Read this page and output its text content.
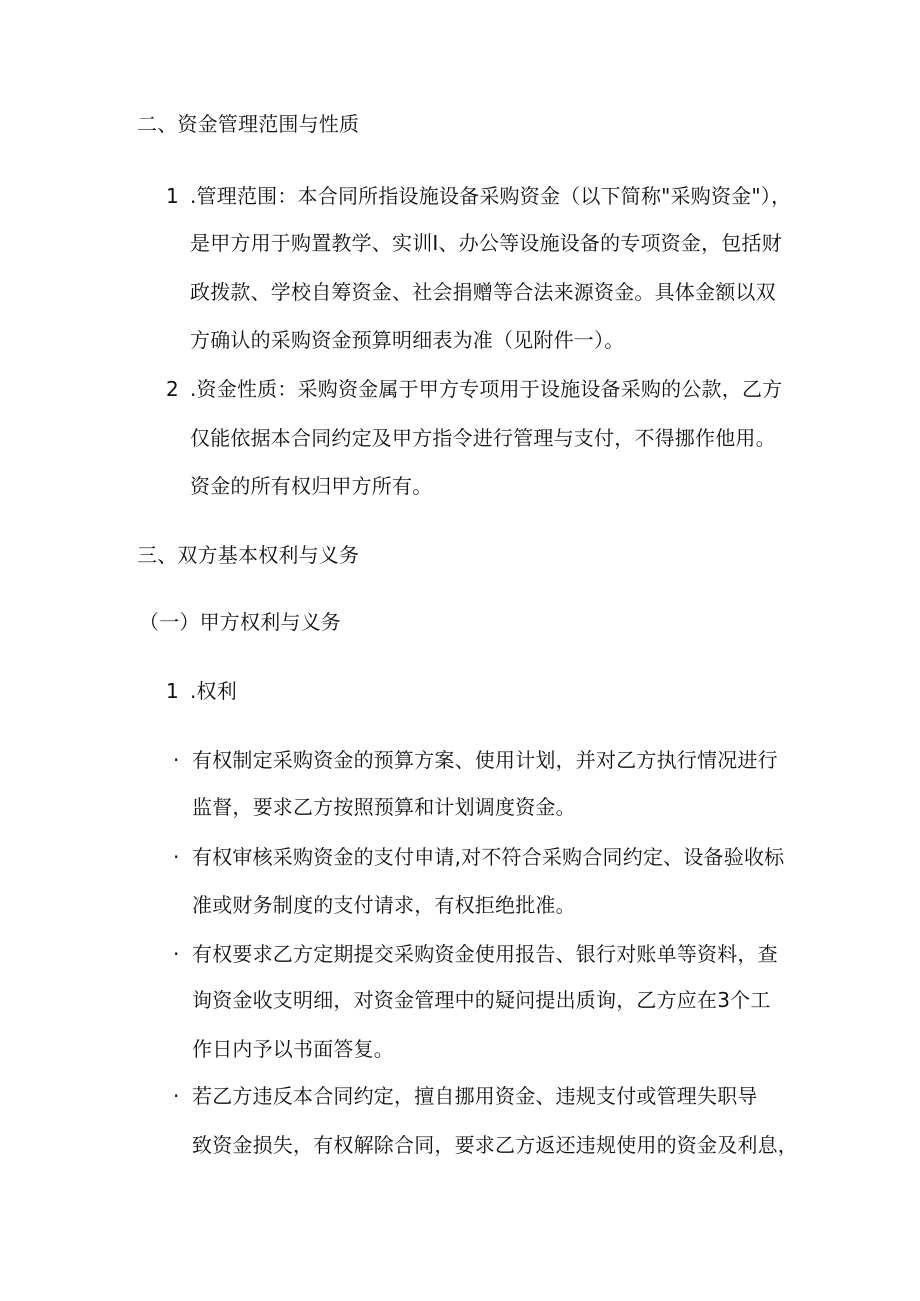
二、资金管理范围与性质
1 .管理范围：本合同所指设施设备采购资金（以下简称"采购资金"），
是甲方用于购置教学、实训I、办公等设施设备的专项资金，包括财
政拨款、学校自筹资金、社会捐赠等合法来源资金。具体金额以双
方确认的采购资金预算明细表为准（见附件一）。
2 .资金性质：采购资金属于甲方专项用于设施设备采购的公款，乙方
仅能依据本合同约定及甲方指令进行管理与支付，不得挪作他用。
资金的所有权归甲方所有。
三、双方基本权利与义务
（一）甲方权利与义务
1 .权利
· 有权制定采购资金的预算方案、使用计划，并对乙方执行情况进行
监督，要求乙方按照预算和计划调度资金。
· 有权审核采购资金的支付申请,对不符合采购合同约定、设备验收标
准或财务制度的支付请求，有权拒绝批准。
· 有权要求乙方定期提交采购资金使用报告、银行对账单等资料，查
询资金收支明细，对资金管理中的疑问提出质询，乙方应在3个工
作日内予以书面答复。
· 若乙方违反本合同约定，擅自挪用资金、违规支付或管理失职导
致资金损失，有权解除合同，要求乙方返还违规使用的资金及利息，
